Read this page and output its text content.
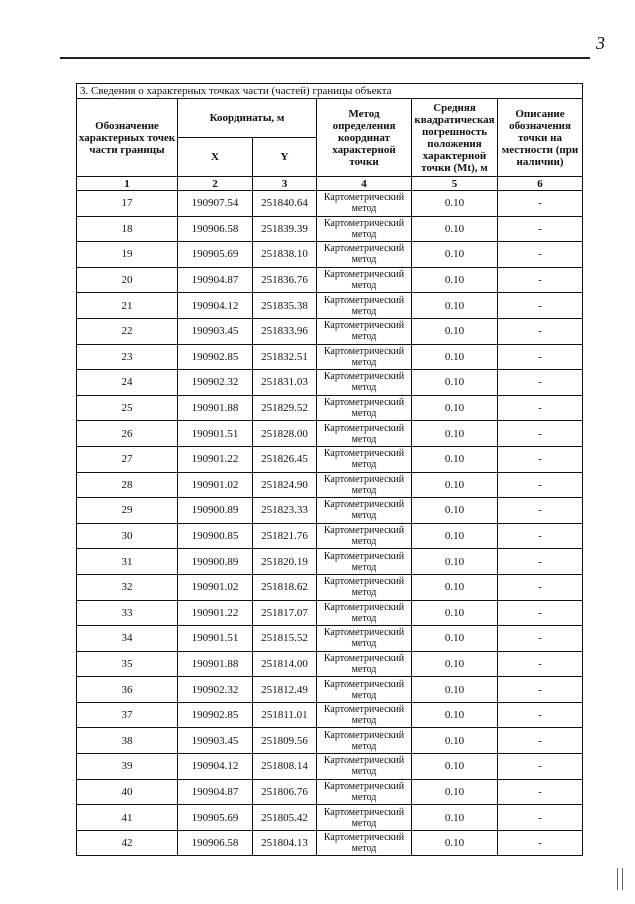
3
3. Сведения о характерных точках части (частей) границы объекта					
Обозначение характерных точек части границы	Координаты, м		Метод определения координат характерной точки	Средняя квадратическая погрешность положения характерной точки (Mt), м	Описание обозначения точки на местности (при наличии)
	X	Y			
1	2	3	4	5	6
17	190907.54	251840.64	Картометрический метод	0.10	-
18	190906.58	251839.39	Картометрический метод	0.10	-
19	190905.69	251838.10	Картометрический метод	0.10	-
20	190904.87	251836.76	Картометрический метод	0.10	-
21	190904.12	251835.38	Картометрический метод	0.10	-
22	190903.45	251833.96	Картометрический метод	0.10	-
23	190902.85	251832.51	Картометрический метод	0.10	-
24	190902.32	251831.03	Картометрический метод	0.10	-
25	190901.88	251829.52	Картометрический метод	0.10	-
26	190901.51	251828.00	Картометрический метод	0.10	-
27	190901.22	251826.45	Картометрический метод	0.10	-
28	190901.02	251824.90	Картометрический метод	0.10	-
29	190900.89	251823.33	Картометрический метод	0.10	-
30	190900.85	251821.76	Картометрический метод	0.10	-
31	190900.89	251820.19	Картометрический метод	0.10	-
32	190901.02	251818.62	Картометрический метод	0.10	-
33	190901.22	251817.07	Картометрический метод	0.10	-
34	190901.51	251815.52	Картометрический метод	0.10	-
35	190901.88	251814.00	Картометрический метод	0.10	-
36	190902.32	251812.49	Картометрический метод	0.10	-
37	190902.85	251811.01	Картометрический метод	0.10	-
38	190903.45	251809.56	Картометрический метод	0.10	-
39	190904.12	251808.14	Картометрический метод	0.10	-
40	190904.87	251806.76	Картометрический метод	0.10	-
41	190905.69	251805.42	Картометрический метод	0.10	-
42	190906.58	251804.13	Картометрический метод	0.10	-
